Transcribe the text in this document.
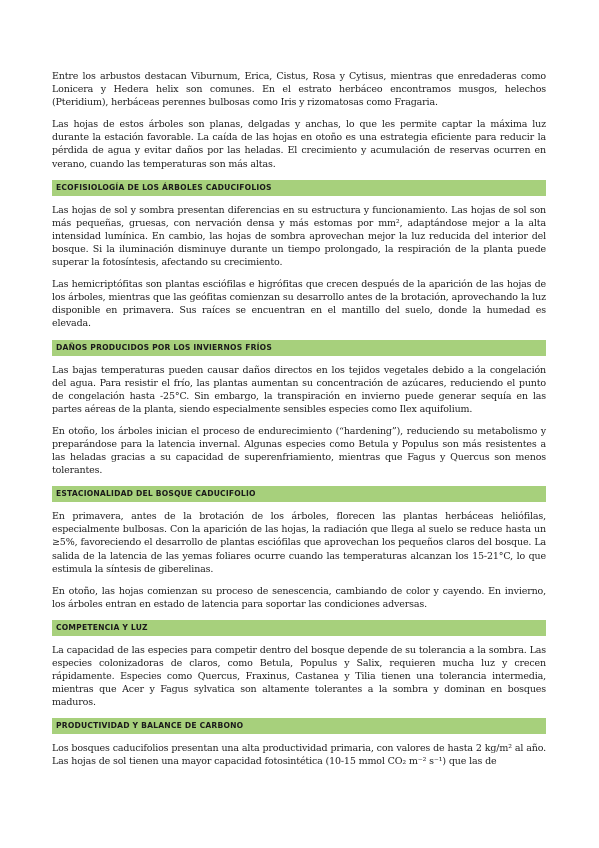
Entre los arbustos destacan Viburnum, Erica, Cistus, Rosa y Cytisus, mientras que enredaderas como Lonicera y Hedera helix son comunes. En el estrato herbáceo encontramos musgos, helechos (Pteridium), herbáceas perennes bulbosas como Iris y rizomatosas como Fragaria.

Las hojas de estos árboles son planas, delgadas y anchas, lo que les permite captar la máxima luz durante la estación favorable. La caída de las hojas en otoño es una estrategia eficiente para reducir la pérdida de agua y evitar daños por las heladas. El crecimiento y acumulación de reservas ocurren en verano, cuando las temperaturas son más altas.

ECOFISIOLOGÍA DE LOS ÁRBOLES CADUCIFOLIOS

Las hojas de sol y sombra presentan diferencias en su estructura y funcionamiento. Las hojas de sol son más pequeñas, gruesas, con nervación densa y más estomas por mm², adaptándose mejor a la alta intensidad lumínica. En cambio, las hojas de sombra aprovechan mejor la luz reducida del interior del bosque. Si la iluminación disminuye durante un tiempo prolongado, la respiración de la planta puede superar la fotosíntesis, afectando su crecimiento.

Las hemicriptófitas son plantas esciófilas e higrófitas que crecen después de la aparición de las hojas de los árboles, mientras que las geófitas comienzan su desarrollo antes de la brotación, aprovechando la luz disponible en primavera. Sus raíces se encuentran en el mantillo del suelo, donde la humedad es elevada.

DAÑOS PRODUCIDOS POR LOS INVIERNOS FRÍOS

Las bajas temperaturas pueden causar daños directos en los tejidos vegetales debido a la congelación del agua. Para resistir el frío, las plantas aumentan su concentración de azúcares, reduciendo el punto de congelación hasta -25°C. Sin embargo, la transpiración en invierno puede generar sequía en las partes aéreas de la planta, siendo especialmente sensibles especies como Ilex aquifolium.

En otoño, los árboles inician el proceso de endurecimiento (“hardening”), reduciendo su metabolismo y preparándose para la latencia invernal. Algunas especies como Betula y Populus son más resistentes a las heladas gracias a su capacidad de superenfriamiento, mientras que Fagus y Quercus son menos tolerantes.

ESTACIONALIDAD DEL BOSQUE CADUCIFOLIO

En primavera, antes de la brotación de los árboles, florecen las plantas herbáceas heliófilas, especialmente bulbosas. Con la aparición de las hojas, la radiación que llega al suelo se reduce hasta un ≥5%, favoreciendo el desarrollo de plantas esciófilas que aprovechan los pequeños claros del bosque. La salida de la latencia de las yemas foliares ocurre cuando las temperaturas alcanzan los 15-21°C, lo que estimula la síntesis de giberelinas.

En otoño, las hojas comienzan su proceso de senescencia, cambiando de color y cayendo. En invierno, los árboles entran en estado de latencia para soportar las condiciones adversas.

COMPETENCIA Y LUZ

La capacidad de las especies para competir dentro del bosque depende de su tolerancia a la sombra. Las especies colonizadoras de claros, como Betula, Populus y Salix, requieren mucha luz y crecen rápidamente. Especies como Quercus, Fraxinus, Castanea y Tilia tienen una tolerancia intermedia, mientras que Acer y Fagus sylvatica son altamente tolerantes a la sombra y dominan en bosques maduros.

PRODUCTIVIDAD Y BALANCE DE CARBONO

Los bosques caducifolios presentan una alta productividad primaria, con valores de hasta 2 kg/m² al año. Las hojas de sol tienen una mayor capacidad fotosintética (10-15 mmol CO₂ m⁻² s⁻¹) que las de
